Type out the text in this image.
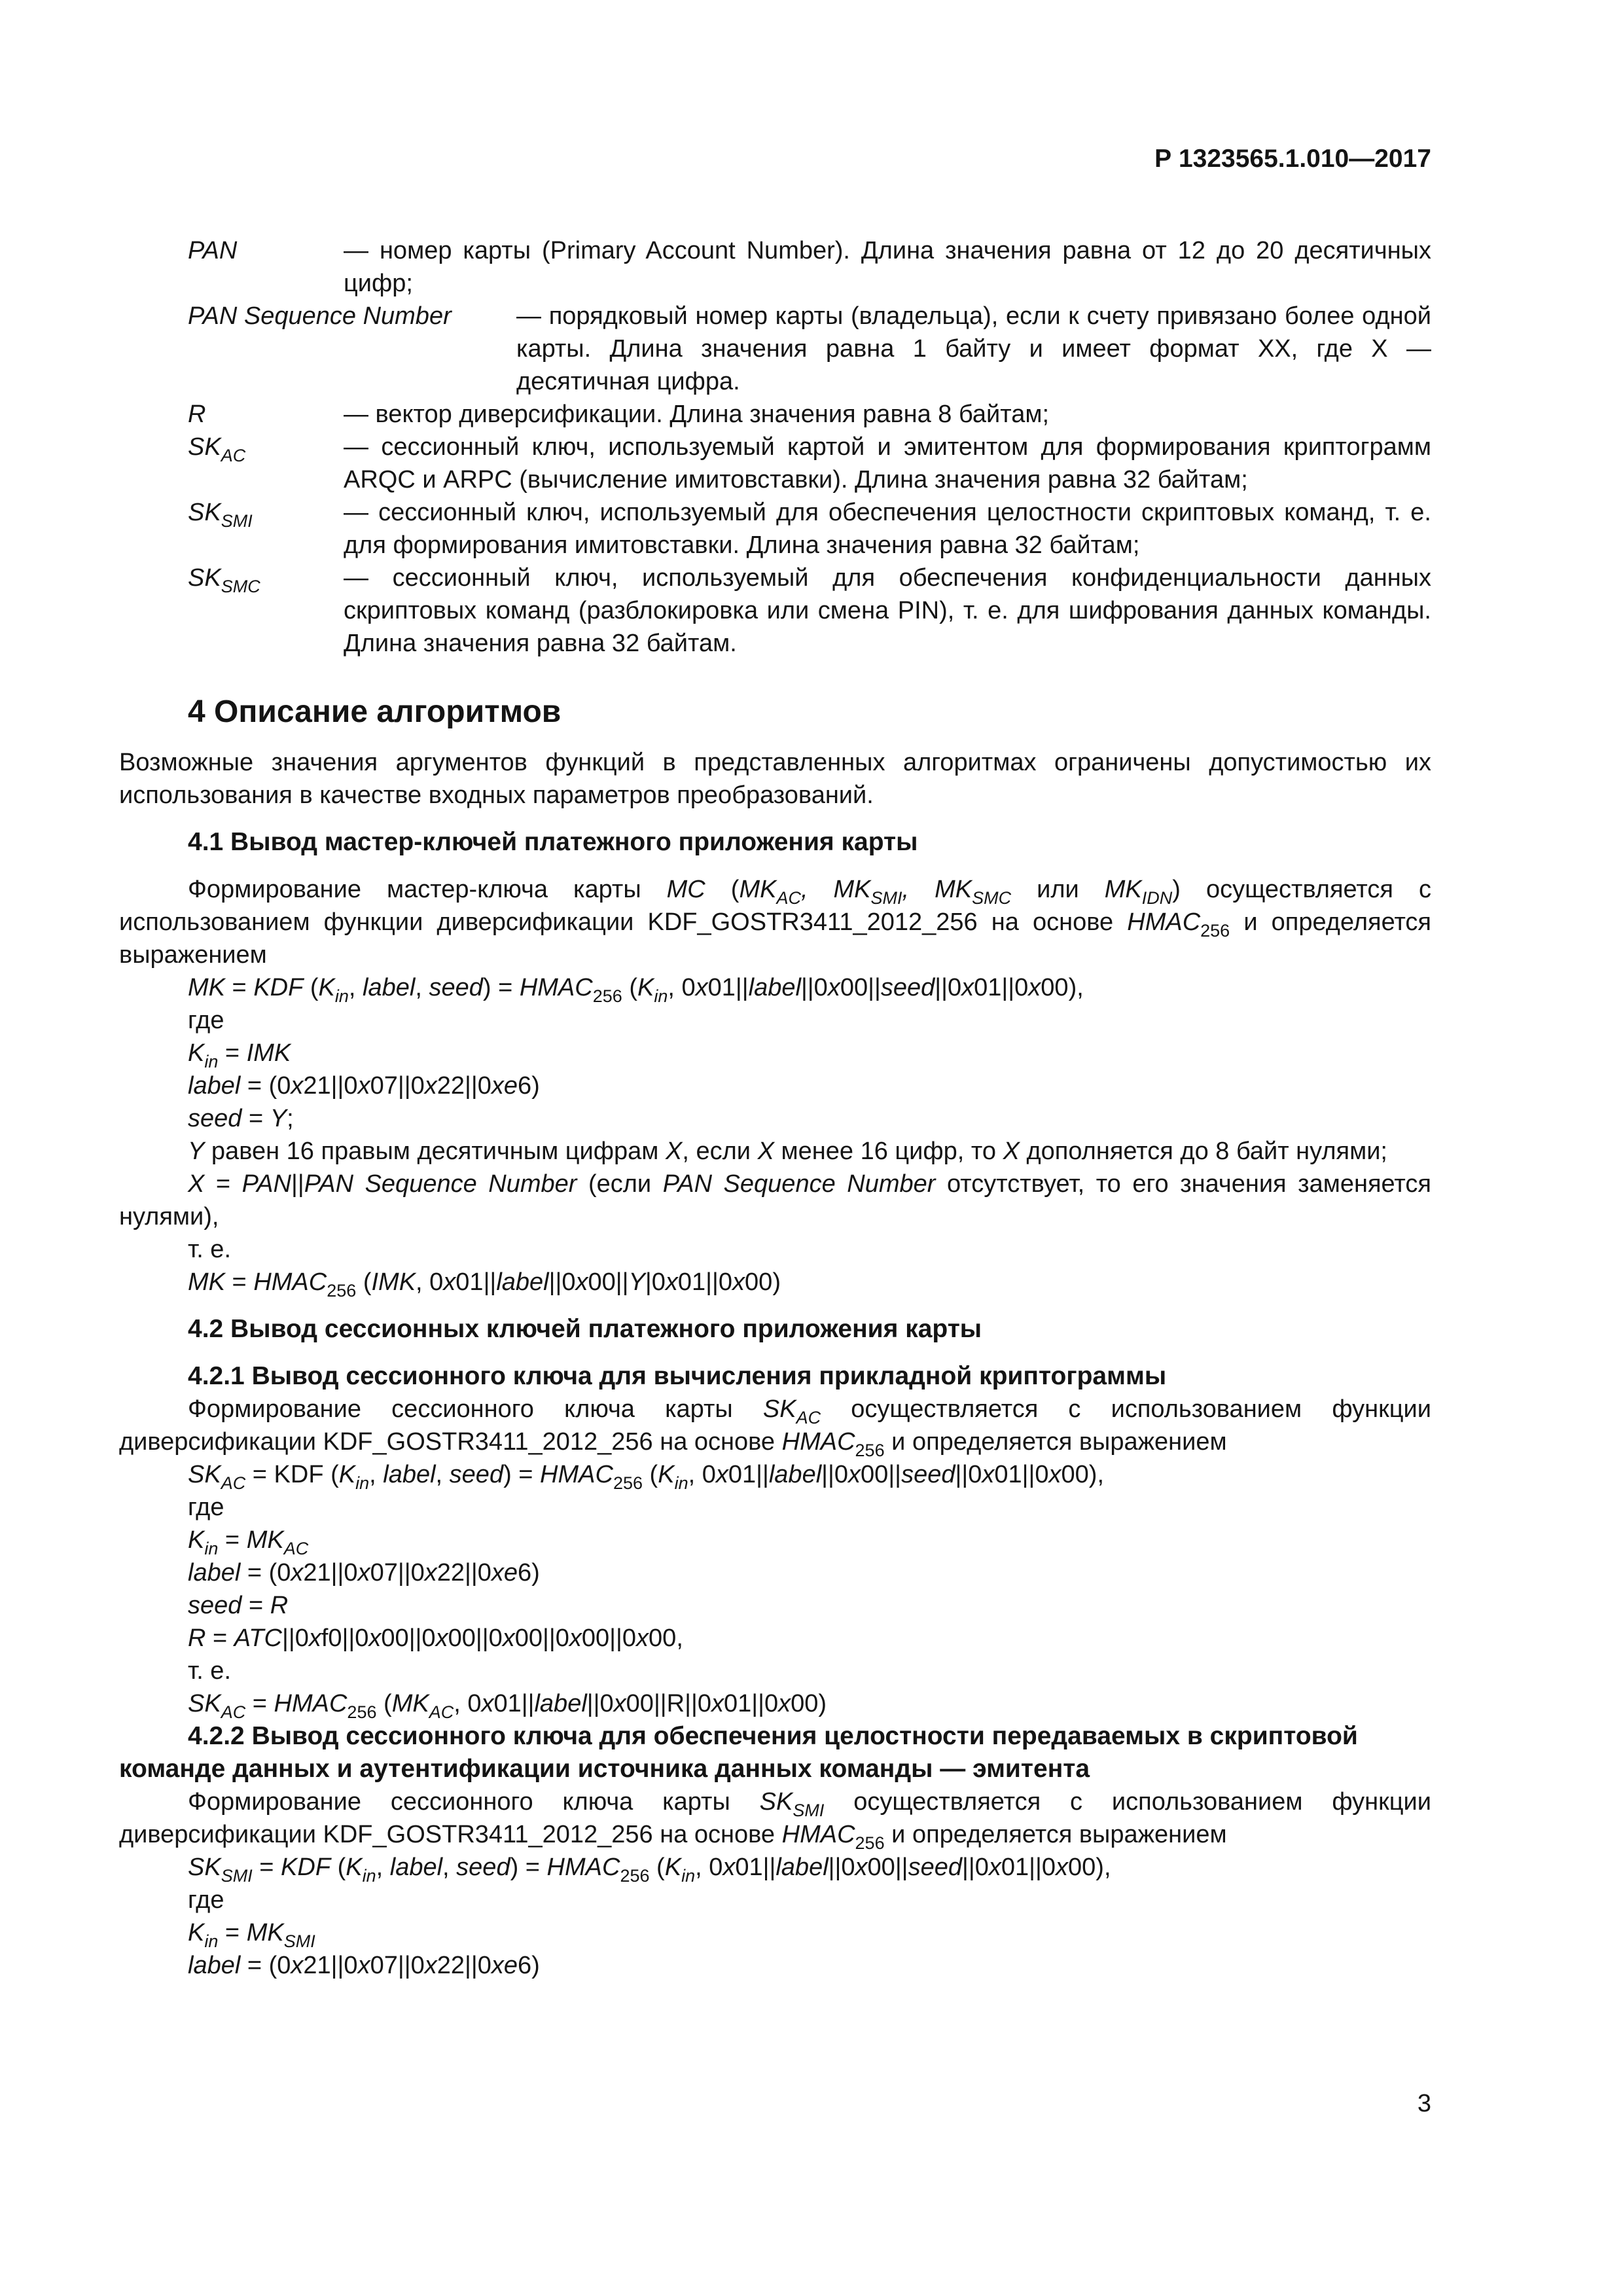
Р 1323565.1.010—2017
PAN	— номер карты (Primary Account Number). Длина значения равна от 12 до 20 десятичных цифр;
PAN Sequence Number	— порядковый номер карты (владельца), если к счету привязано более одной карты. Длина значения равна 1 байту и имеет формат XX, где X — десятичная цифра.
R	— вектор диверсификации. Длина значения равна 8 байтам;
$SK_{AC}$	— сессионный ключ, используемый картой и эмитентом для формирования криптограмм ARQC и ARPC (вычисление имитовставки). Длина значения равна 32 байтам;
$SK_{SMI}$	— сессионный ключ, используемый для обеспечения целостности скриптовых команд, т. е. для формирования имитовставки. Длина значения равна 32 байтам;
$SK_{SMC}$	— сессионный ключ, используемый для обеспечения конфиденциальности данных скриптовых команд (разблокировка или смена PIN), т. е. для шифрования данных команды. Длина значения равна 32 байтам.
4 Описание алгоритмов

Возможные значения аргументов функций в представленных алгоритмах ограничены допустимостью их использования в качестве входных параметров преобразований.

4.1 Вывод мастер-ключей платежного приложения карты

Формирование мастер-ключа карты MC ($MK_{AC}$, $MK_{SMI}$, $MK_{SMC}$ или $MK_{IDN}$) осуществляется с использованием функции диверсификации KDF_GOSTR3411_2012_256 на основе $HMAC_{256}$ и определяется выражением

MK = KDF ($K_{in}$, label, seed) = $HMAC_{256}$ ($K_{in}$, 0x01||label||0x00||seed||0x01||0x00),
где
$K_{in}$ = IMK
label = (0x21||0x07||0x22||0xe6)
seed = Y;

Y равен 16 правым десятичным цифрам X, если X менее 16 цифр, то X дополняется до 8 байт нулями;

X = PAN||PAN Sequence Number (если PAN Sequence Number отсутствует, то его значения заменяется нулями),

т. е.
MK = $HMAC_{256}$ (IMK, 0x01||label||0x00||Y|0x01||0x00)
4.2 Вывод сессионных ключей платежного приложения карты
4.2.1 Вывод сессионного ключа для вычисления прикладной криптограммы

Формирование сессионного ключа карты $SK_{AC}$ осуществляется с использованием функции диверсификации KDF_GOSTR3411_2012_256 на основе $HMAC_{256}$ и определяется выражением

$SK_{AC}$ = KDF ($K_{in}$, label, seed) = $HMAC_{256}$ ($K_{in}$, 0x01||label||0x00||seed||0x01||0x00),
где
$K_{in} = MK_{AC}$
label = (0x21||0x07||0x22||0xe6)
seed = R
R = ATC||0xf0||0x00||0x00||0x00||0x00||0x00,
т. е.
$SK_{AC}$ = $HMAC_{256}$ ($MK_{AC}$, 0x01||label||0x00||R||0x01||0x00)
4.2.2 Вывод сессионного ключа для обеспечения целостности передаваемых в скриптовой команде данных и аутентификации источника данных команды — эмитента

Формирование сессионного ключа карты $SK_{SMI}$ осуществляется с использованием функции диверсификации KDF_GOSTR3411_2012_256 на основе $HMAC_{256}$ и определяется выражением

$SK_{SMI}$ = KDF ($K_{in}$, label, seed) = $HMAC_{256}$ ($K_{in}$, 0x01||label||0x00||seed||0x01||0x00),
где
$K_{in} = MK_{SMI}$
label = (0x21||0x07||0x22||0xe6)
3
